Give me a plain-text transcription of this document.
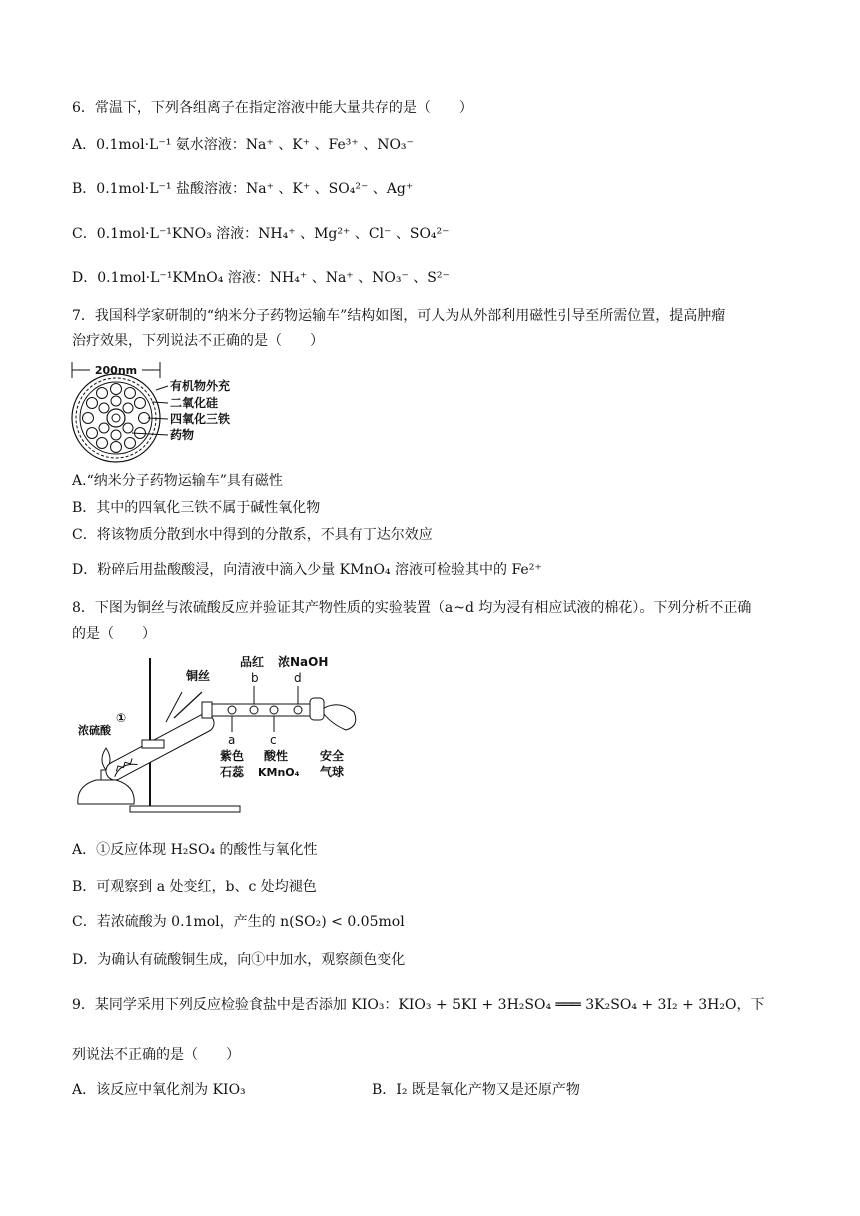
6．常温下，下列各组离子在指定溶液中能大量共存的是（　　）
A．0.1mol·L⁻¹ 氨水溶液：Na⁺ 、K⁺ 、Fe³⁺ 、NO₃⁻
B．0.1mol·L⁻¹ 盐酸溶液：Na⁺ 、K⁺ 、SO₄²⁻ 、Ag⁺
C．0.1mol·L⁻¹KNO₃ 溶液：NH₄⁺ 、Mg²⁺ 、Cl⁻ 、SO₄²⁻
D．0.1mol·L⁻¹KMnO₄ 溶液：NH₄⁺ 、Na⁺ 、NO₃⁻ 、S²⁻
7．我国科学家研制的“纳米分子药物运输车”结构如图，可人为从外部利用磁性引导至所需位置，提高肿瘤
治疗效果，下列说法不正确的是（　　）
200nm
有机物外充
二氧化硅
四氧化三铁
药物
A.“纳米分子药物运输车”具有磁性
B．其中的四氧化三铁不属于碱性氧化物
C．将该物质分散到水中得到的分散系，不具有丁达尔效应
D．粉碎后用盐酸酸浸，向清液中滴入少量 KMnO₄ 溶液可检验其中的 Fe²⁺
8．下图为铜丝与浓硫酸反应并验证其产物性质的实验装置（a~d 均为浸有相应试液的棉花）。下列分析不正确
的是（　　）
铜丝
浓硫酸
①
品红
b
浓NaOH
d
a
紫色
石蕊
c
酸性
KMnO₄
安全
气球
A．①反应体现 H₂SO₄ 的酸性与氧化性
B．可观察到 a 处变红，b、c 处均褪色
C．若浓硫酸为 0.1mol，产生的 n(SO₂) < 0.05mol
D．为确认有硫酸铜生成，向①中加水，观察颜色变化
9．某同学采用下列反应检验食盐中是否添加 KIO₃：KIO₃ + 5KI + 3H₂SO₄ ═══ 3K₂SO₄ + 3I₂ + 3H₂O，下
列说法不正确的是（　　）
A．该反应中氧化剂为 KIO₃	B．I₂ 既是氧化产物又是还原产物
